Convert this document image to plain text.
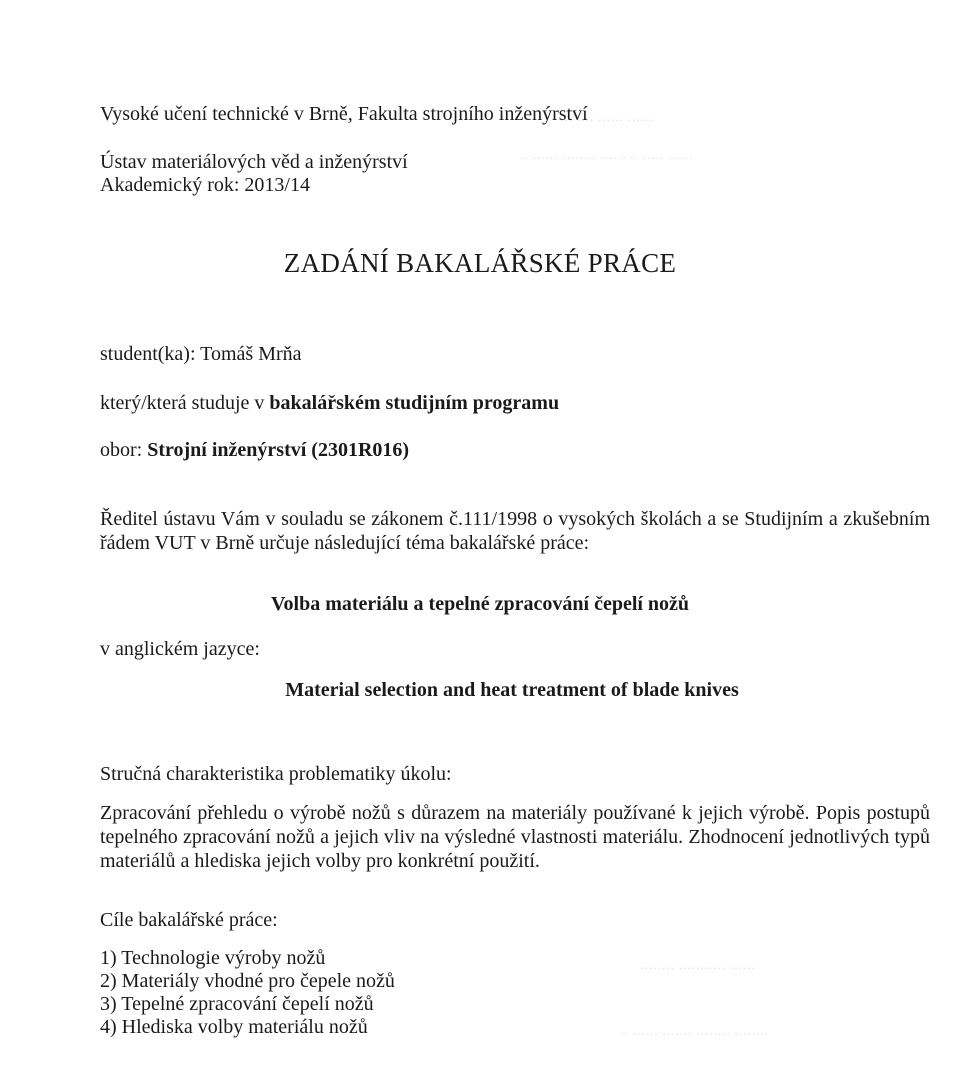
··· ···· ······ ······
·· ······ ········ ······ ·· ····· ······
········ ··········· ······
·· ······ ······· ········ ········
Vysoké učení technické v Brně, Fakulta strojního inženýrství
Ústav materiálových věd a inženýrství
Akademický rok: 2013/14
ZADÁNÍ BAKALÁŘSKÉ PRÁCE
student(ka): Tomáš Mrňa
který/která studuje v bakalářském studijním programu
obor: Strojní inženýrství (2301R016)
Ředitel ústavu Vám v souladu se zákonem č.111/1998 o vysokých školách a se Studijním a zkušebním řádem VUT v Brně určuje následující téma bakalářské práce:
Volba materiálu a tepelné zpracování čepelí nožů
v anglickém jazyce:
Material selection and heat treatment of blade knives
Stručná charakteristika problematiky úkolu:
Zpracování přehledu o výrobě nožů s důrazem na materiály používané k jejich výrobě. Popis postupů tepelného zpracování nožů a jejich vliv na výsledné vlastnosti materiálu. Zhodnocení jednotlivých typů materiálů a hlediska jejich volby pro konkrétní použití.
Cíle bakalářské práce:
1) Technologie výroby nožů
2) Materiály vhodné pro čepele nožů
3) Tepelné zpracování čepelí nožů
4) Hlediska volby materiálu nožů
